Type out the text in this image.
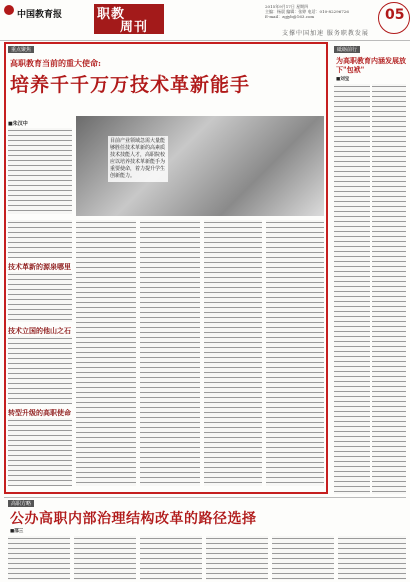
中国教育报	职教
周刊
2015年9月17日 星期四
主编：杨晨 编辑：张婷 电话：010-82296726
E-mail：zgjyb@163.com	05
支撑中国加速 服务职教发展
重点聚焦
高职教育当前的重大使命:
培养千千万万技术革新能手
■朱汉中
目前产业领域急需大量能够胜任技术革新的高素质技术技能人才，高职院校应以培养技术革新能手为重要使命，着力提升学生创新能力。
技术革新的源泉哪里
技术立国的他山之石
转型升级的高职使命
砥砺前行
为高职教育内涵发展放下"包袱"
■刘宝
高职方略
公办高职内部治理结构改革的路径选择
■邵三
